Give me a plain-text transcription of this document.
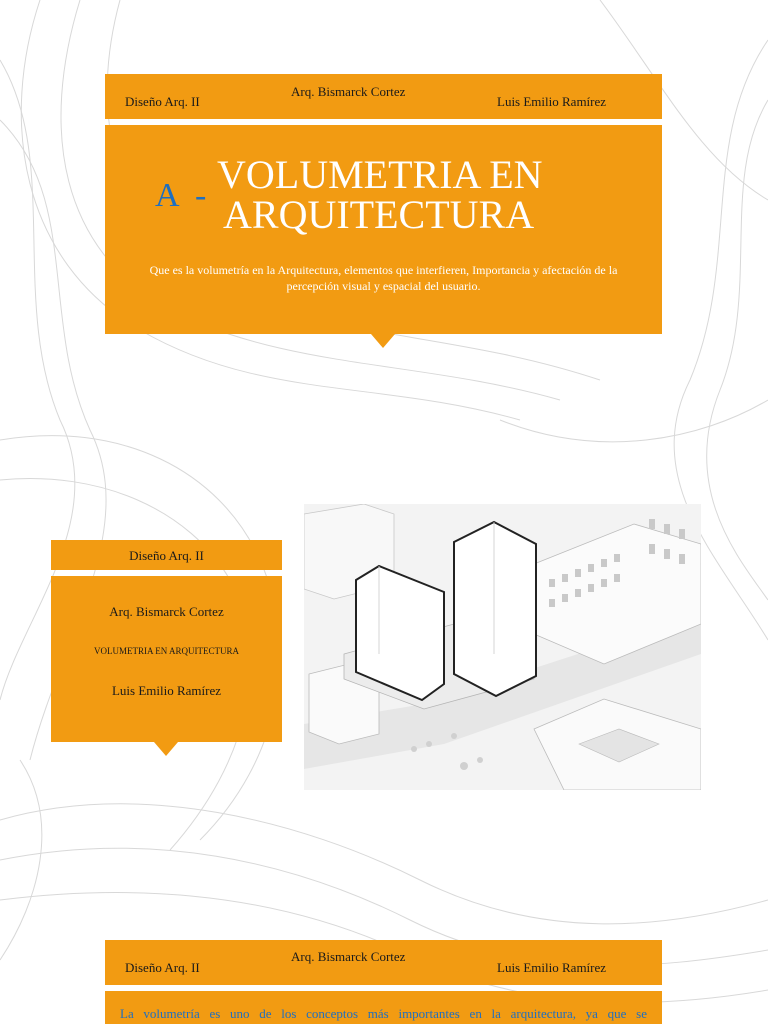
Diseño Arq. II
Arq. Bismarck Cortez
Luis Emilio Ramírez
A - VOLUMETRIA EN
ARQUITECTURA
Que es la volumetría en la Arquitectura, elementos que interfieren, Importancia y afectación de la percepción visual y espacial del usuario.
Diseño Arq. II
Arq. Bismarck Cortez
VOLUMETRIA EN ARQUITECTURA
Luis Emilio Ramírez
Diseño Arq. II
Arq. Bismarck Cortez
Luis Emilio Ramírez
La volumetría es uno de los conceptos más importantes en la arquitectura, ya que se
